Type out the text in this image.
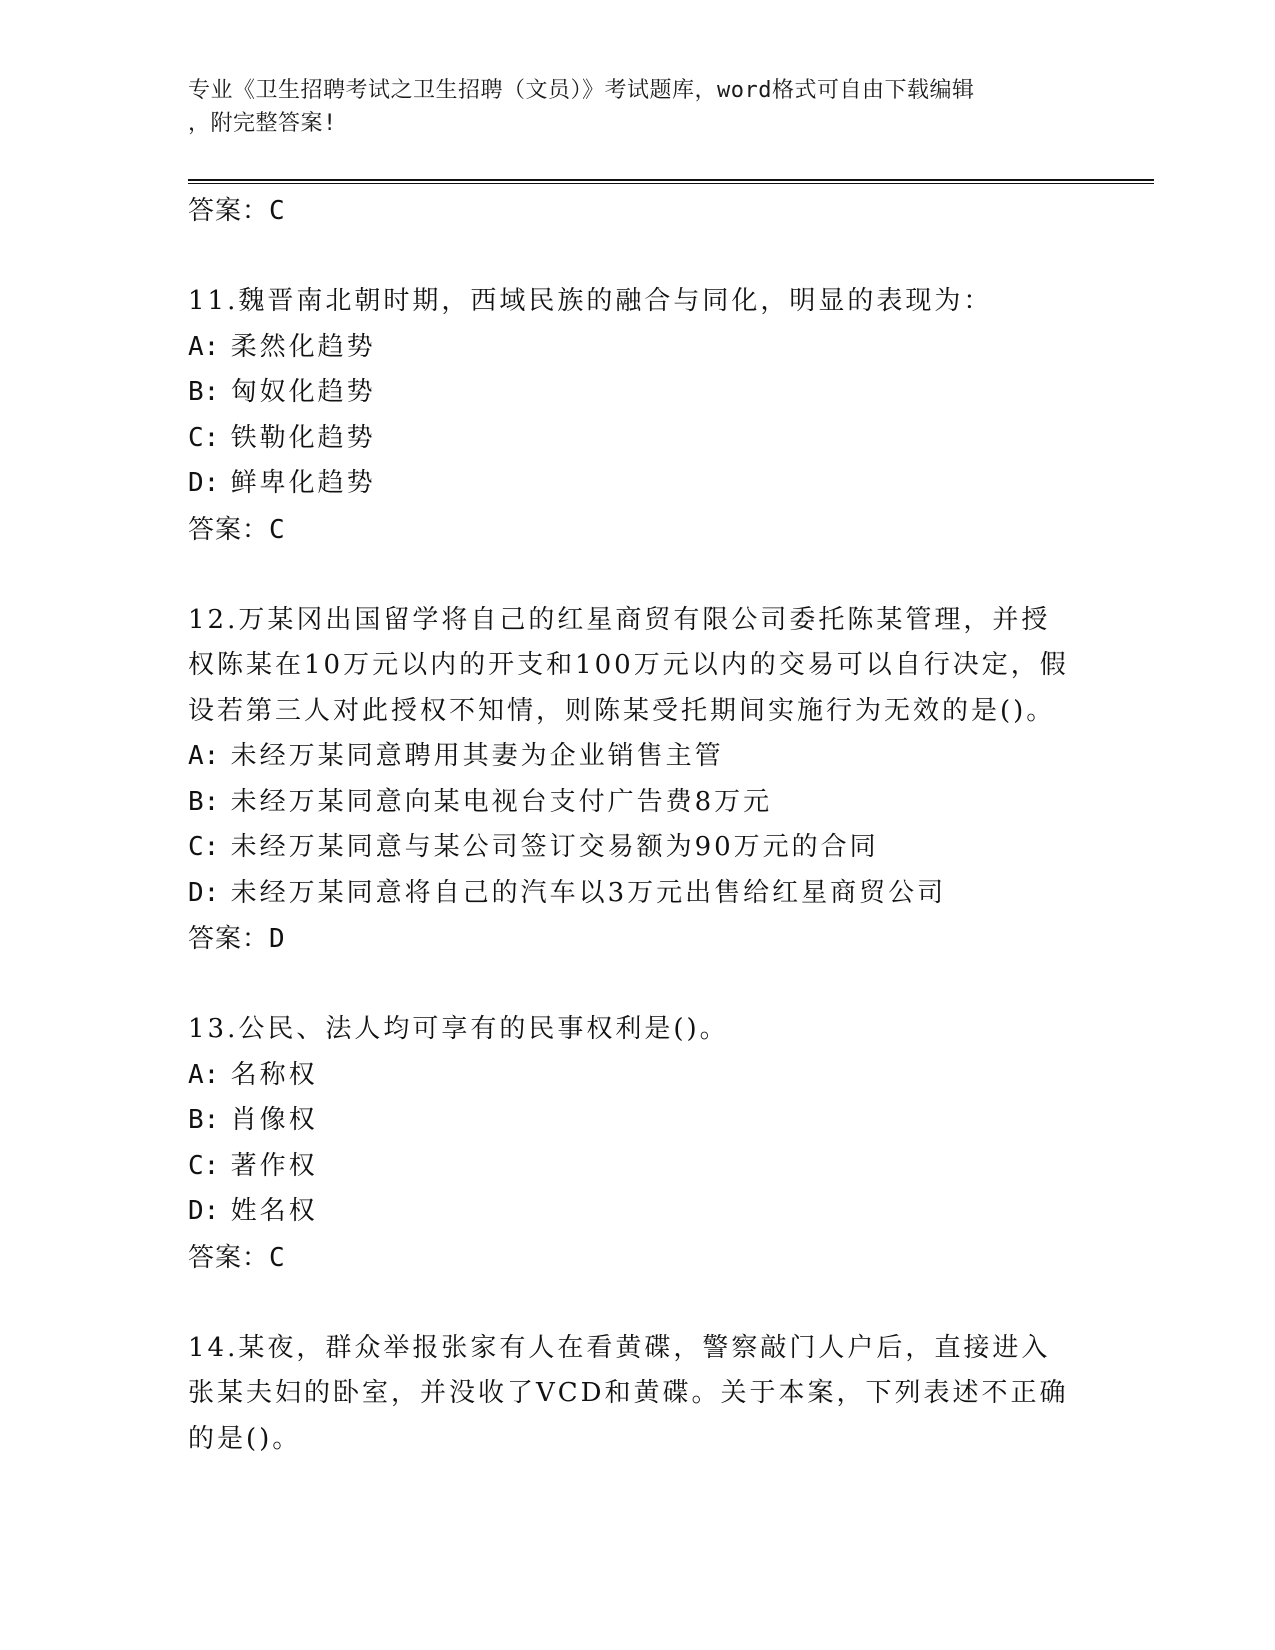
专业《卫生招聘考试之卫生招聘（文员）》考试题库，word格式可自由下载编辑
，附完整答案!

答案：C

11.魏晋南北朝时期，西域民族的融合与同化，明显的表现为：

A: 柔然化趋势

B: 匈奴化趋势

C: 铁勒化趋势

D: 鲜卑化趋势

答案：C

12.万某冈出国留学将自己的红星商贸有限公司委托陈某管理，并授权陈某在10万元以内的开支和100万元以内的交易可以自行决定，假设若第三人对此授权不知情，则陈某受托期间实施行为无效的是()。

A: 未经万某同意聘用其妻为企业销售主管

B: 未经万某同意向某电视台支付广告费8万元

C: 未经万某同意与某公司签订交易额为90万元的合同

D: 未经万某同意将自己的汽车以3万元出售给红星商贸公司

答案：D

13.公民、法人均可享有的民事权利是()。

A: 名称权

B: 肖像权

C: 著作权

D: 姓名权

答案：C

14.某夜，群众举报张家有人在看黄碟，警察敲门人户后，直接进入张某夫妇的卧室，并没收了VCD和黄碟。关于本案，下列表述不正确的是()。
